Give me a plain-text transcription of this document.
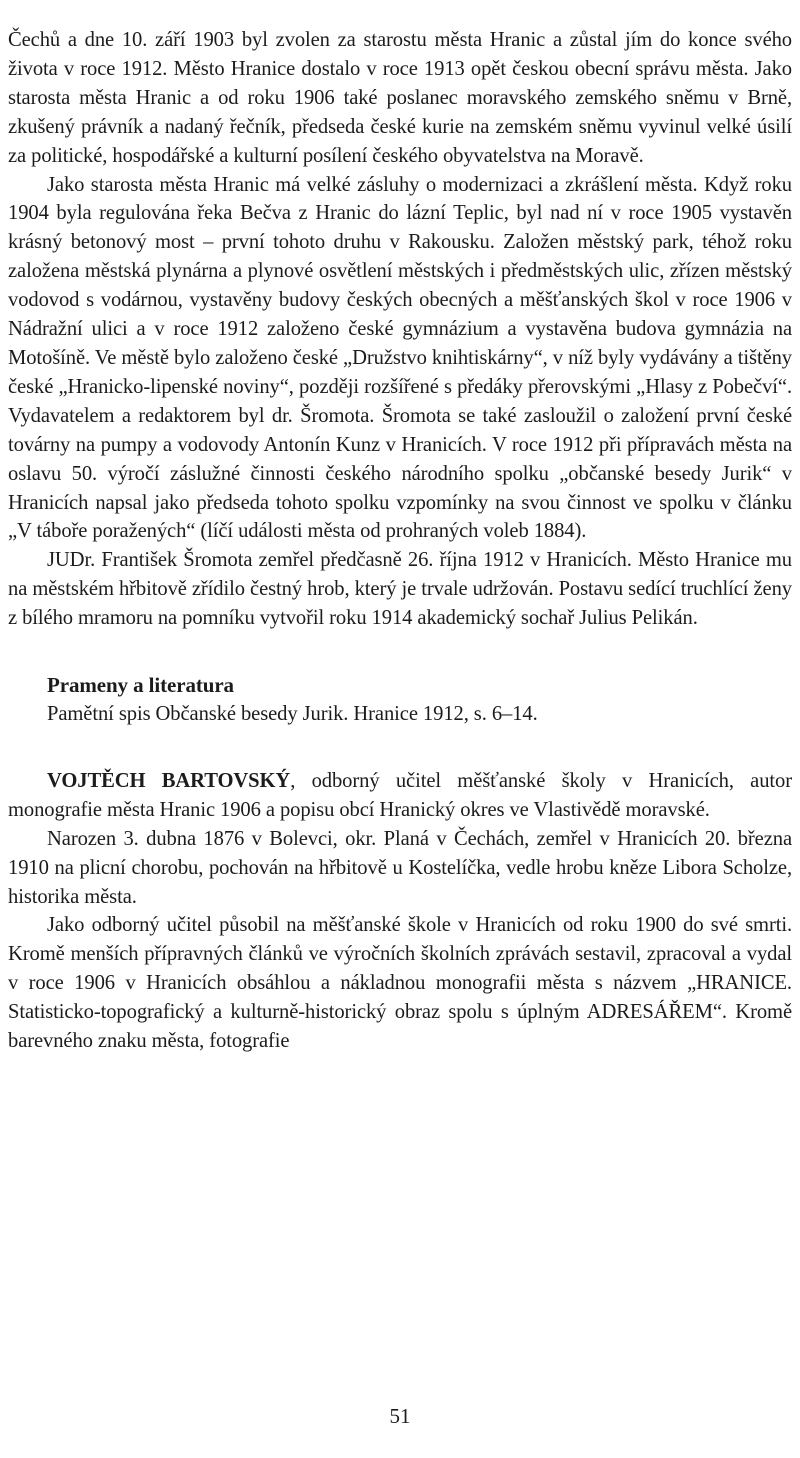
Čechů a dne 10. září 1903 byl zvolen za starostu města Hranic a zůstal jím do konce svého života v roce 1912. Město Hranice dostalo v roce 1913 opět českou obecní správu města. Jako starosta města Hranic a od roku 1906 také poslanec moravského zemského sněmu v Brně, zkušený právník a nadaný řečník, předseda české kurie na zemském sněmu vyvinul velké úsilí za politické, hospodářské a kulturní posílení českého obyvatelstva na Moravě.

Jako starosta města Hranic má velké zásluhy o modernizaci a zkrášlení města. Když roku 1904 byla regulována řeka Bečva z Hranic do lázní Teplic, byl nad ní v roce 1905 vystavěn krásný betonový most – první tohoto druhu v Rakousku. Založen městský park, téhož roku založena městská plynárna a plynové osvětlení městských i předměstských ulic, zřízen městský vodovod s vodárnou, vystavěny budovy českých obecných a měšťanských škol v roce 1906 v Nádražní ulici a v roce 1912 založeno české gymnázium a vystavěna budova gymnázia na Motošíně. Ve městě bylo založeno české „Družstvo knihtiskárny“, v níž byly vydávány a tištěny české „Hranicko-lipenské noviny“, později rozšířené s předáky přerovskými „Hlasy z Pobečví“. Vydavatelem a redaktorem byl dr. Šromota. Šromota se také zasloužil o založení první české továrny na pumpy a vodovody Antonín Kunz v Hranicích. V roce 1912 při přípravách města na oslavu 50. výročí záslužné činnosti českého národního spolku „občanské besedy Jurik“ v Hranicích napsal jako předseda tohoto spolku vzpomínky na svou činnost ve spolku v článku „V táboře poražených“ (líčí události města od prohraných voleb 1884).

JUDr. František Šromota zemřel předčasně 26. října 1912 v Hranicích. Město Hranice mu na městském hřbitově zřídilo čestný hrob, který je trvale udržován. Postavu sedící truchlící ženy z bílého mramoru na pomníku vytvořil roku 1914 akademický sochař Julius Pelikán.

Prameny a literatura

Pamětní spis Občanské besedy Jurik. Hranice 1912, s. 6–14.

VOJTĚCH BARTOVSKÝ, odborný učitel měšťanské školy v Hranicích, autor monografie města Hranic 1906 a popisu obcí Hranický okres ve Vlastivědě moravské.

Narozen 3. dubna 1876 v Bolevci, okr. Planá v Čechách, zemřel v Hranicích 20. března 1910 na plicní chorobu, pochován na hřbitově u Kostelíčka, vedle hrobu kněze Libora Scholze, historika města.

Jako odborný učitel působil na měšťanské škole v Hranicích od roku 1900 do své smrti. Kromě menších přípravných článků ve výročních školních zprávách sestavil, zpracoval a vydal v roce 1906 v Hranicích obsáhlou a nákladnou monografii města s názvem „HRANICE. Statisticko-topografický a kulturně-historický obraz spolu s úplným ADRESÁŘEM“. Kromě barevného znaku města, fotografie

51
